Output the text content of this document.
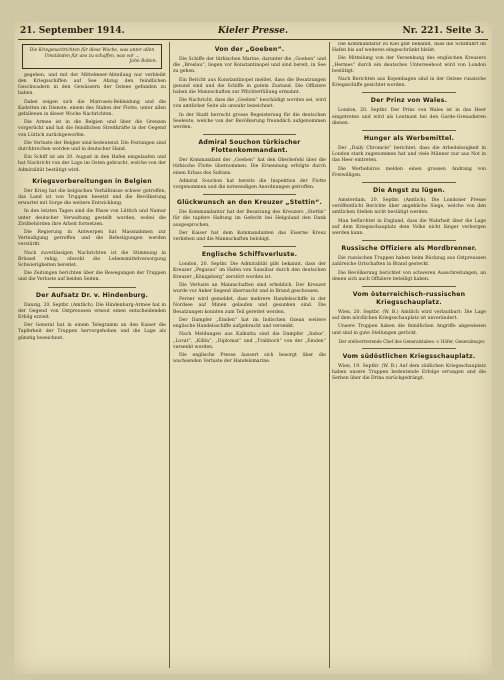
21. September 1914.	Kieler Presse.	Nr. 221. Seite 3.
Die Kriegsnachrichten für diese Woche, was unter allen Umständen für uns zu schaffen, was wir ...
John Bolten.

gegeben, und mit der Mittelmeer-Abteilung nur verbleibt den Kriegsschiffen auf See Abzug den feindlichen Geschwadern in den Gewässern der Ostsee gefunden zu haben.

Dabei zeigen sich die Matrosen-Bekleidung und die Kadetten im Dienste, einem des Stabes der Flotte, unter allen gefallenen in dieser Woche Nachrichten.

Die Armee ist in die Belgien und über die Grenzen vorgerückt und hat die feindlichen Streitkräfte in der Gegend von Lüttich zurückgeworfen.

Die Verluste der Belgier sind bedeutend. Die Festungen sind durchbrochen worden und in deutscher Hand.

Ein Schiff ist am 20. August in den Hafen eingelaufen und hat Nachricht von der Lage im Osten gebracht, welche von der Admiralität bestätigt wird.

Kriegsvorbereitungen in Belgien

Der Krieg hat die belgischen Verhältnisse schwer getroffen, das Land ist von Truppen besetzt und die Bevölkerung erwartet mit Sorge die weitere Entwicklung.

In den letzten Tagen sind die Pässe von Lüttich und Namur unter deutscher Verwaltung gestellt worden, wobei die Zivilbehörden ihre Arbeit fortsetzen.

Die Regierung in Antwerpen hat Massnahmen zur Verteidigung getroffen und die Befestigungen werden verstärkt.

Nach zuverlässigen Nachrichten ist die Stimmung in Brüssel ruhig, obwohl die Lebensmittelversorgung Schwierigkeiten bereitet.

Die Zeitungen berichten über die Bewegungen der Truppen und die Verluste auf beiden Seiten.

Der Aufsatz Dr. v. Hindenburg.

Danzig, 20. Septbr. (Amtlich). Die Hindenburg-Armee hat in der Gegend von Ostpreussen erneut einen entscheidenden Erfolg erzielt.

Der General hat in einem Telegramm an den Kaiser die Tapferkeit der Truppen hervorgehoben und die Lage als günstig bezeichnet.

Von der „Goeben“.

Die Schiffe der türkischen Marine, darunter die „Goeben“ und die „Breslau“, liegen vor Konstantinopel und sind bereit, in See zu gehen.

Ein Bericht aus Konstantinopel meldet, dass die Besatzungen gesund sind und die Schiffe in gutem Zustand. Die Offiziere haben die Mannschaften zur Pflichterfüllung ermahnt.

Die Nachricht, dass die „Goeben“ beschädigt worden sei, wird von amtlicher Seite als unwahr bezeichnet.

In der Stadt herrscht grosse Begeisterung für die deutschen Seeleute, welche von der Bevölkerung freundlich aufgenommen werden.

Admiral Souchon türkischer Flottenkommandant.

Der Kommandant der „Goeben“ hat den Oberbefehl über die türkische Flotte übernommen. Die Ernennung erfolgte durch einen Erlass des Sultans.

Admiral Souchon hat bereits die Inspektion der Flotte vorgenommen und die notwendigen Anordnungen getroffen.

Glückwunsch an den Kreuzer „Stettin“.

Die Kommandantur hat der Besatzung des Kreuzers „Stettin“ für die tapfere Haltung im Gefecht bei Helgoland den Dank ausgesprochen.

Der Kaiser hat dem Kommandanten das Eiserne Kreuz verliehen und die Mannschaften belobigt.

Englische Schiffsverluste.

London, 20. Septbr. Die Admiralität gibt bekannt, dass der Kreuzer „Pegasus“ im Hafen von Sansibar durch den deutschen Kreuzer „Königsberg“ zerstört worden ist.

Die Verluste an Mannschaften sind erheblich. Der Kreuzer wurde vor Anker liegend überrascht und in Brand geschossen.

Ferner wird gemeldet, dass mehrere Handelsschiffe in der Nordsee auf Minen gelaufen und gesunken sind. Die Besatzungen konnten zum Teil gerettet werden.

Der Dampfer „Emden“ hat im Indischen Ozean weitere englische Handelsschiffe aufgebracht und versenkt.

Nach Meldungen aus Kalkutta sind die Dampfer „Indus“, „Lovat“, „Killin“, „Diplomat“ und „Trabboch“ von der „Emden“ versenkt worden.

Die englische Presse äussert sich besorgt über die wachsenden Verluste der Handelsmarine.

Die Kommandatur zu Kiel gibt bekannt, dass die Schiffahrt im Hafen bis auf weiteres eingeschränkt bleibt.

Die Mitteilung von der Versenkung des englischen Kreuzers „Hermes“ durch ein deutsches Unterseeboot wird von London bestätigt.

Nach Berichten aus Kopenhagen sind in der Ostsee russische Kriegsschiffe gesichtet worden.

Der Prinz von Wales.

London, 20. Septbr. Der Prinz von Wales ist in das Heer eingetreten und wird als Leutnant bei den Garde-Grenadieren dienen.

Hunger als Werbemittel.

Der „Daily Chronicle“ berichtet, dass die Arbeitslosigkeit in London stark zugenommen hat und viele Männer nur aus Not in das Heer eintreten.

Die Werbebüros melden einen grossen Andrang von Freiwilligen.

Die Angst zu lügen.

Amsterdam, 20. Septbr. (Amtlich). Die Londoner Presse veröffentlicht Berichte über angebliche Siege, welche von den amtlichen Stellen nicht bestätigt werden.

Man befürchtet in England, dass die Wahrheit über die Lage auf dem Kriegsschauplatz dem Volke nicht länger verborgen werden kann.

Russische Offiziere als Mordbrenner.

Die russischen Truppen haben beim Rückzug aus Ostpreussen zahlreiche Ortschaften in Brand gesteckt.

Die Bevölkerung berichtet von schweren Ausschreitungen, an denen sich auch Offiziere beteiligt haben.

Vom österreichisch-russischen Kriegsschauplatz.

Wien, 20. Septbr. (W. B.) Amtlich wird verlautbart: Die Lage auf dem nördlichen Kriegsschauplatz ist unverändert.

Unsere Truppen haben die feindlichen Angriffe abgewiesen und sind in gute Stellungen gerückt.

Der stellvertretende Chef des Generalstabes: v. Höfer, Generalmajor.

Vom südöstlichen Kriegsschauplatz.

Wien, 19. Septbr. (W. B.) Auf dem südlichen Kriegsschauplatz haben unsere Truppen bedeutende Erfolge errungen und die Serben über die Drina zurückgedrängt.
